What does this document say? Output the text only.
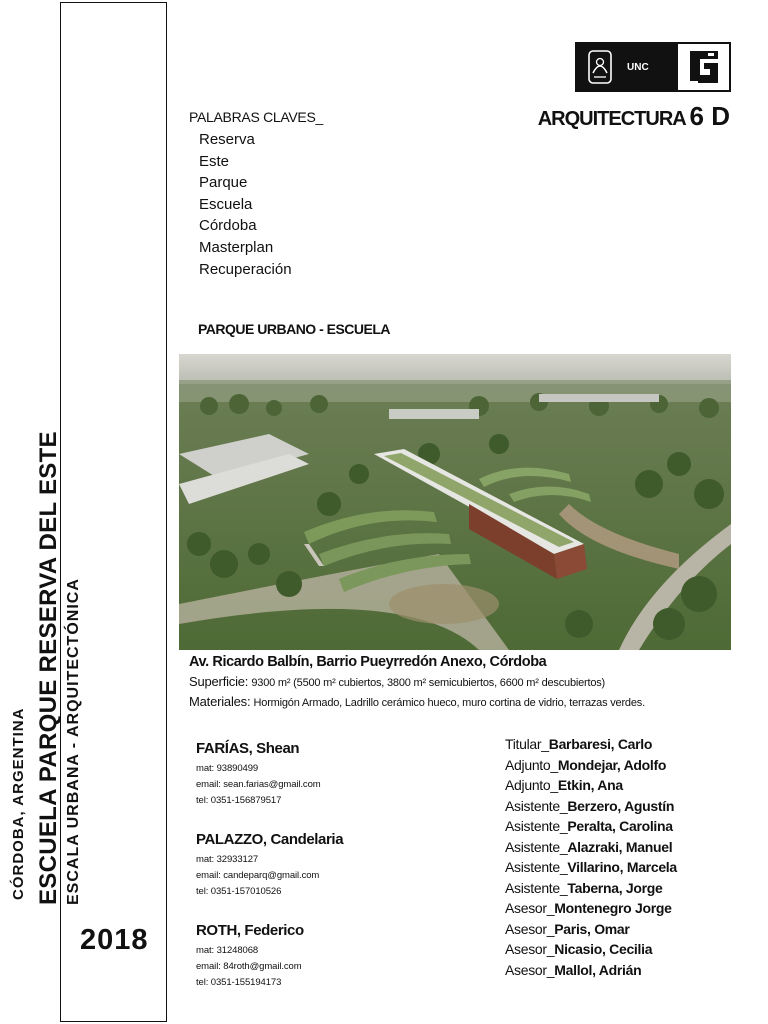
CÓRDOBA, ARGENTINA ESCUELA PARQUE RESERVA DEL ESTE ESCALA URBANA - ARQUITECTÓNICA
2018
UNC
ARQUITECTURA 6 D
PALABRAS CLAVES_
Reserva
Este
Parque
Escuela
Córdoba
Masterplan
Recuperación
PARQUE URBANO - ESCUELA
Av. Ricardo Balbín, Barrio Pueyrredón Anexo, Córdoba
Superficie: 9300 m² (5500 m² cubiertos, 3800 m² semicubiertos, 6600 m² descubiertos)
Materiales: Hormigón Armado, Ladrillo cerámico hueco, muro cortina de vidrio, terrazas verdes.
FARÍAS, Shean
mat: 93890499
email: sean.farias@gmail.com
tel: 0351-156879517
PALAZZO, Candelaria
mat: 32933127
email: candeparq@gmail.com
tel: 0351-157010526
ROTH, Federico
mat: 31248068
email: 84roth@gmail.com
tel: 0351-155194173
Titular_Barbaresi, Carlo
Adjunto_Mondejar, Adolfo
Adjunto_Etkin, Ana
Asistente_Berzero, Agustín
Asistente_Peralta, Carolina
Asistente_Alazraki, Manuel
Asistente_Villarino, Marcela
Asistente_Taberna, Jorge
Asesor_Montenegro Jorge
Asesor_Paris, Omar
Asesor_Nicasio, Cecilia
Asesor_Mallol, Adrián
